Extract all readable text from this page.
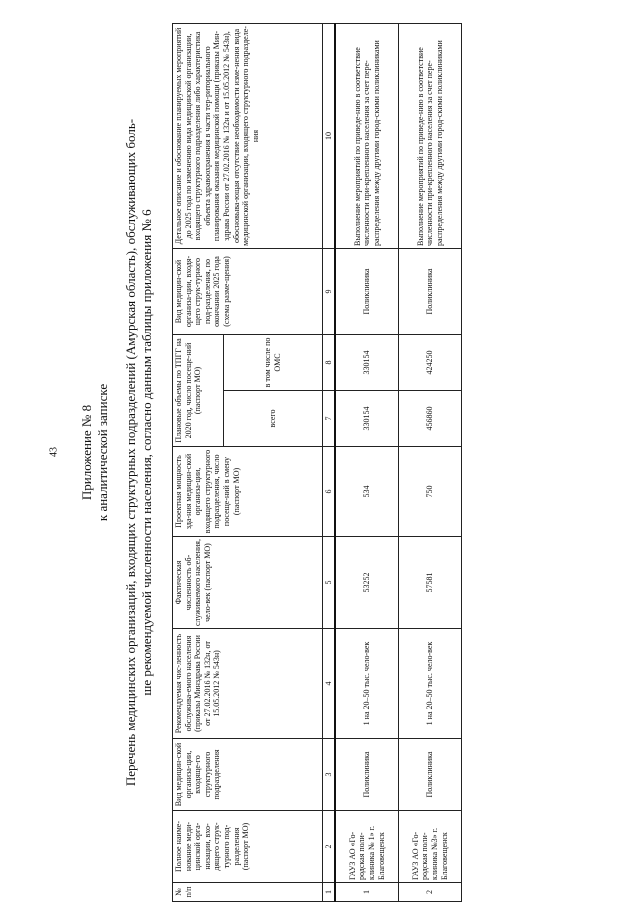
43 Приложение № 8 к аналитической записке Перечень медицинских организаций, входящих структурных подразделений (Амурская область), обслуживающих боль- ше рекомендуемой численности населения, согласно данным таблицы приложения № 6
№ п/п	Полное наиме-нование меди-цинской орга-низации, вхо-дящего струк-турного под-разделения (паспорт МО)	Вид медицин-ской организа-ции, входяще-го структурного подразделения	Рекомендуемая чис-ленность обслужива-емого населения (приказы Минздрава России от 27.02.2016 № 132н, от 15.05.2012 № 543н)	Фактическая численность об-служиваемого населения, чело-век (паспорт МО)	Проектная мощность зда-ния медицин-ской организа-ции, входящего структурного подразделения, число посеще-ний в смену (паспорт МО)	Плановые объемы по ТПГГ на 2020 год, число посеще-ний (паспорт МО)		Вид медицин-ской организа-ции, входя-щего струк-турного под-разделения, по окончании 2025 года (схема разме-щения)	Детальное описание и обоснование планируемых мероприятий до 2025 года по изменению вида медицинской организации, входящего структурного подразделения либо характеристика объекта здравоохранения в части тер-риториального планирования оказания медицинской помощи (приказы Мин-здрава России от 27.02.2016 № 132н и от 15.05.2012 № 543н), обосновыва-ющая отсутствие необходимости изме-нения вида медицинской организации, входящего структурного подразделе-ния
						всего	в том числе по ОМС		
1	2	3	4	5	6	7	8	9	10
1	ГАУЗ АО «Го-родская поли-клиника № 1» г. Благовещенск	Поликлиника	1 на 20–50 тыс. чело-век	53252	534	330154	330154	Поликлиника	Выполнение мероприятий по приведе-нию в соответствие численности при-крепленного населения за счет пере-распределения между другими город-скими поликлиниками
2	ГАУЗ АО «Го-родская поли-клиника №3» г. Благовещенск	Поликлиника	1 на 20–50 тыс. чело-век	57581	750	456860	424250	Поликлиника	Выполнение мероприятий по приведе-нию в соответствие численности при-крепленного населения за счет пере-распределения между другими город-скими поликлиниками
